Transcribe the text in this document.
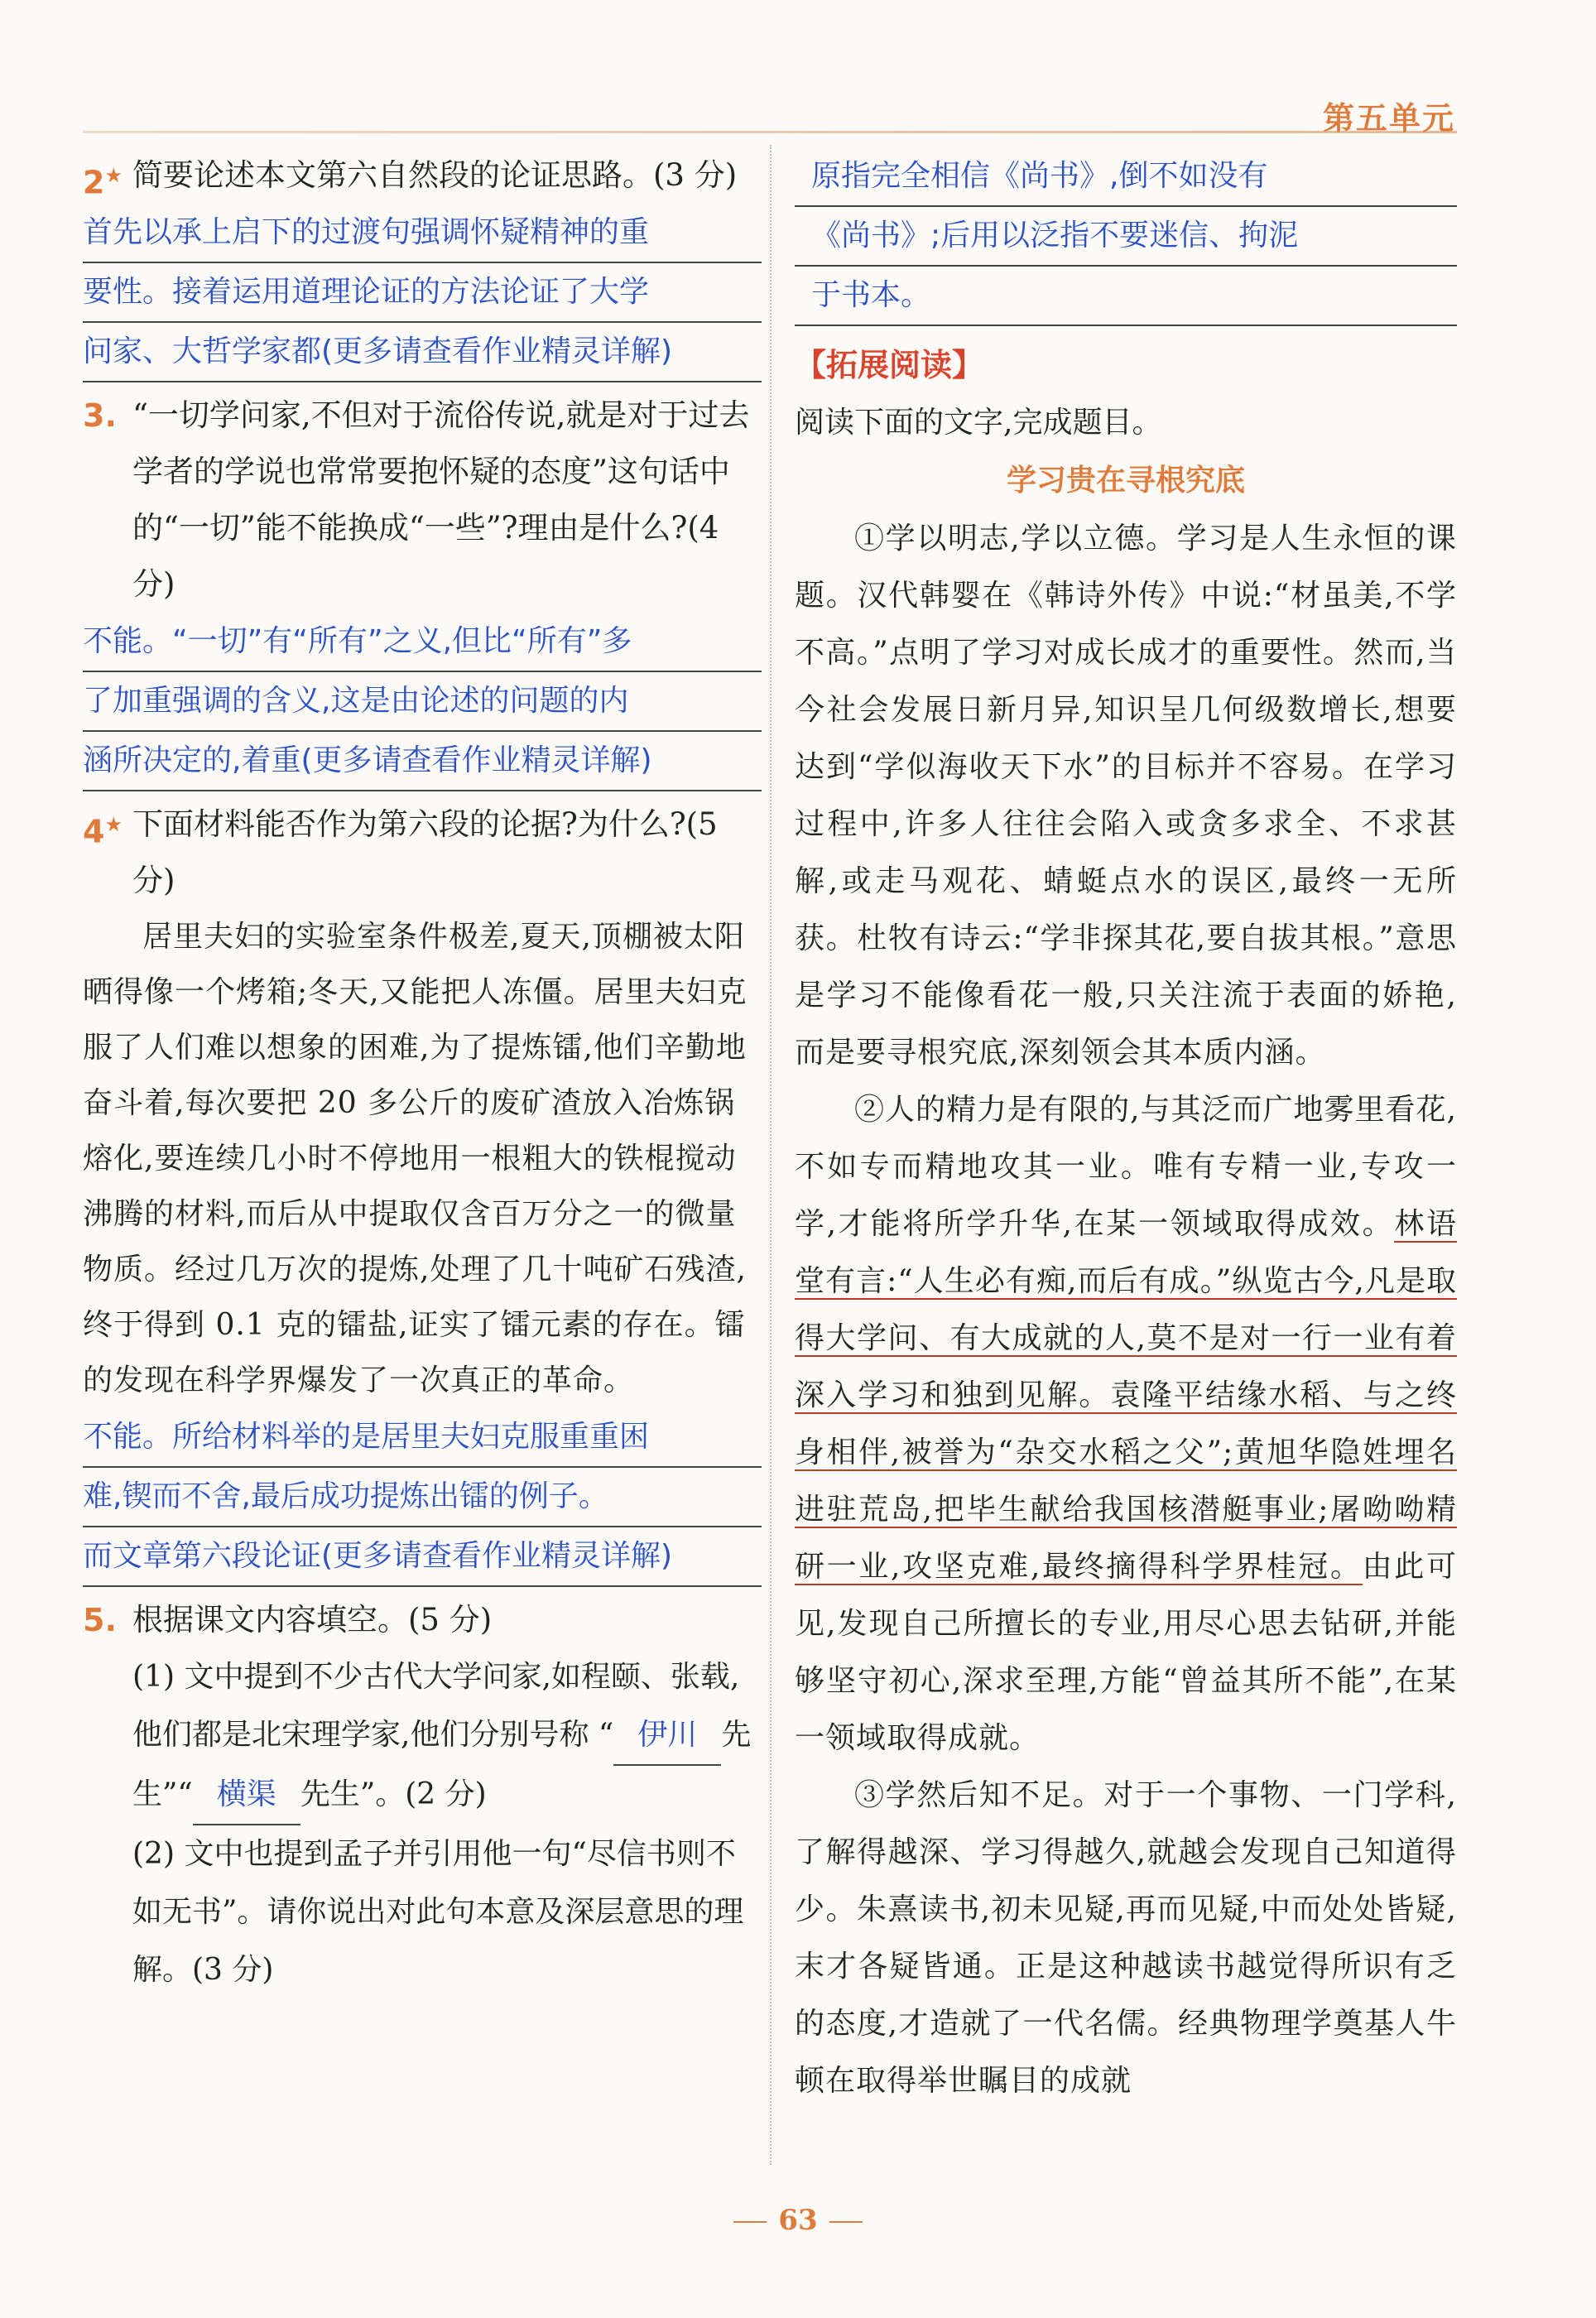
第五单元
2★ 简要论述本文第六自然段的论证思路。(3 分)
首先以承上启下的过渡句强调怀疑精神的重
要性。接着运用道理论证的方法论证了大学
问家、大哲学家都(更多请查看作业精灵详解)
3. “一切学问家,不但对于流俗传说,就是对于过去学者的学说也常常要抱怀疑的态度”这句话中的“一切”能不能换成“一些”?理由是什么?(4 分)
不能。“一切”有“所有”之义,但比“所有”多
了加重强调的含义,这是由论述的问题的内
涵所决定的,着重(更多请查看作业精灵详解)
4★ 下面材料能否作为第六段的论据?为什么?(5 分)

居里夫妇的实验室条件极差,夏天,顶棚被太阳晒得像一个烤箱;冬天,又能把人冻僵。居里夫妇克服了人们难以想象的困难,为了提炼镭,他们辛勤地奋斗着,每次要把 20 多公斤的废矿渣放入冶炼锅熔化,要连续几小时不停地用一根粗大的铁棍搅动沸腾的材料,而后从中提取仅含百万分之一的微量物质。经过几万次的提炼,处理了几十吨矿石残渣,终于得到 0.1 克的镭盐,证实了镭元素的存在。镭的发现在科学界爆发了一次真正的革命。

不能。所给材料举的是居里夫妇克服重重困
难,锲而不舍,最后成功提炼出镭的例子。
而文章第六段论证(更多请查看作业精灵详解)
5. 根据课文内容填空。(5 分)
(1) 文中提到不少古代大学问家,如程颐、张载,他们都是北宋理学家,他们分别号称 “ 伊川 先生”“ 横渠 先生”。(2 分)
(2) 文中也提到孟子并引用他一句“尽信书则不如无书”。请你说出对此句本意及深层意思的理解。(3 分)
原指完全相信《尚书》,倒不如没有
《尚书》;后用以泛指不要迷信、拘泥
于书本。
【拓展阅读】
阅读下面的文字,完成题目。
学习贵在寻根究底

①学以明志,学以立德。学习是人生永恒的课题。汉代韩婴在《韩诗外传》中说:“材虽美,不学不高。”点明了学习对成长成才的重要性。然而,当今社会发展日新月异,知识呈几何级数增长,想要达到“学似海收天下水”的目标并不容易。在学习过程中,许多人往往会陷入或贪多求全、不求甚解,或走马观花、蜻蜓点水的误区,最终一无所获。杜牧有诗云:“学非探其花,要自拔其根。”意思是学习不能像看花一般,只关注流于表面的娇艳,而是要寻根究底,深刻领会其本质内涵。

②人的精力是有限的,与其泛而广地雾里看花,不如专而精地攻其一业。唯有专精一业,专攻一学,才能将所学升华,在某一领域取得成效。林语堂有言:“人生必有痴,而后有成。”纵览古今,凡是取得大学问、有大成就的人,莫不是对一行一业有着深入学习和独到见解。袁隆平结缘水稻、与之终身相伴,被誉为“杂交水稻之父”;黄旭华隐姓埋名进驻荒岛,把毕生献给我国核潜艇事业;屠呦呦精研一业,攻坚克难,最终摘得科学界桂冠。由此可见,发现自己所擅长的专业,用尽心思去钻研,并能够坚守初心,深求至理,方能“曾益其所不能”,在某一领域取得成就。

③学然后知不足。对于一个事物、一门学科,了解得越深、学习得越久,就越会发现自己知道得少。朱熹读书,初未见疑,再而见疑,中而处处皆疑,末才各疑皆通。正是这种越读书越觉得所识有乏的态度,才造就了一代名儒。经典物理学奠基人牛顿在取得举世瞩目的成就

63
